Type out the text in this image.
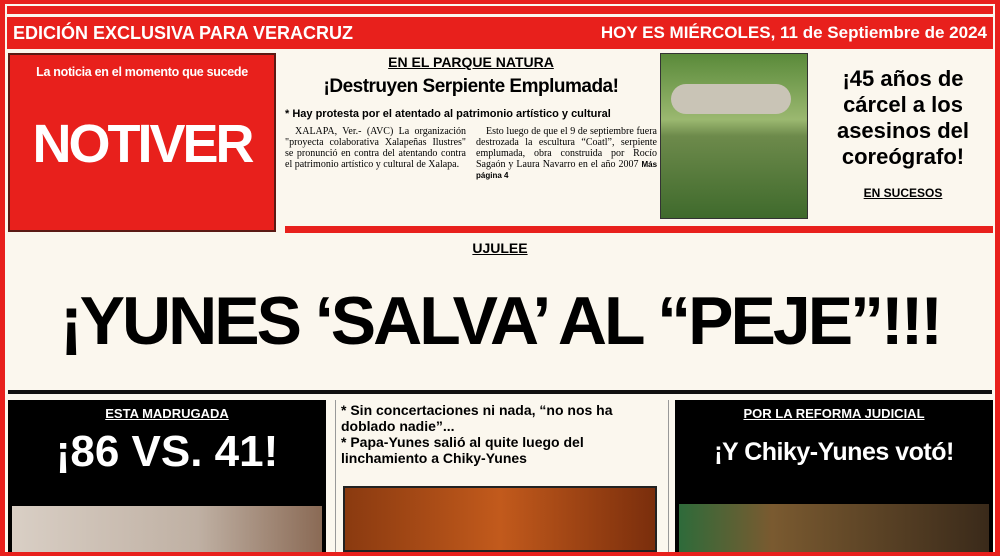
EDICIÓN EXCLUSIVA PARA VERACRUZ	HOY ES MIÉRCOLES, 11 de Septiembre de 2024
La noticia en el momento que sucede
NOTIVER
EN EL PARQUE NATURA
¡Destruyen Serpiente Emplumada!
* Hay protesta por el atentado al patrimonio artístico y cultural

XALAPA, Ver.- (AVC) La organización "proyecta colaborativa Xalapeñas Ilustres" se pronunció en contra del atentando contra el patrimonio artístico y cultural de Xalapa.

Esto luego de que el 9 de septiembre fuera destrozada la escultura “Coatl”, serpiente emplumada, obra construida por Rocío Sagaón y Laura Navarro en el año 2007 Más página 4

¡45 años de cárcel a los asesinos del coreógrafo!
EN SUCESOS
UJULEE
¡YUNES ‘SALVA’ AL “PEJE”!!!
ESTA MADRUGADA
¡86 VS. 41!
* Sin concertaciones ni nada, “no nos ha doblado nadie”...
* Papa-Yunes salió al quite luego del linchamiento a Chiky-Yunes
POR LA REFORMA JUDICIAL
¡Y Chiky-Yunes votó!
